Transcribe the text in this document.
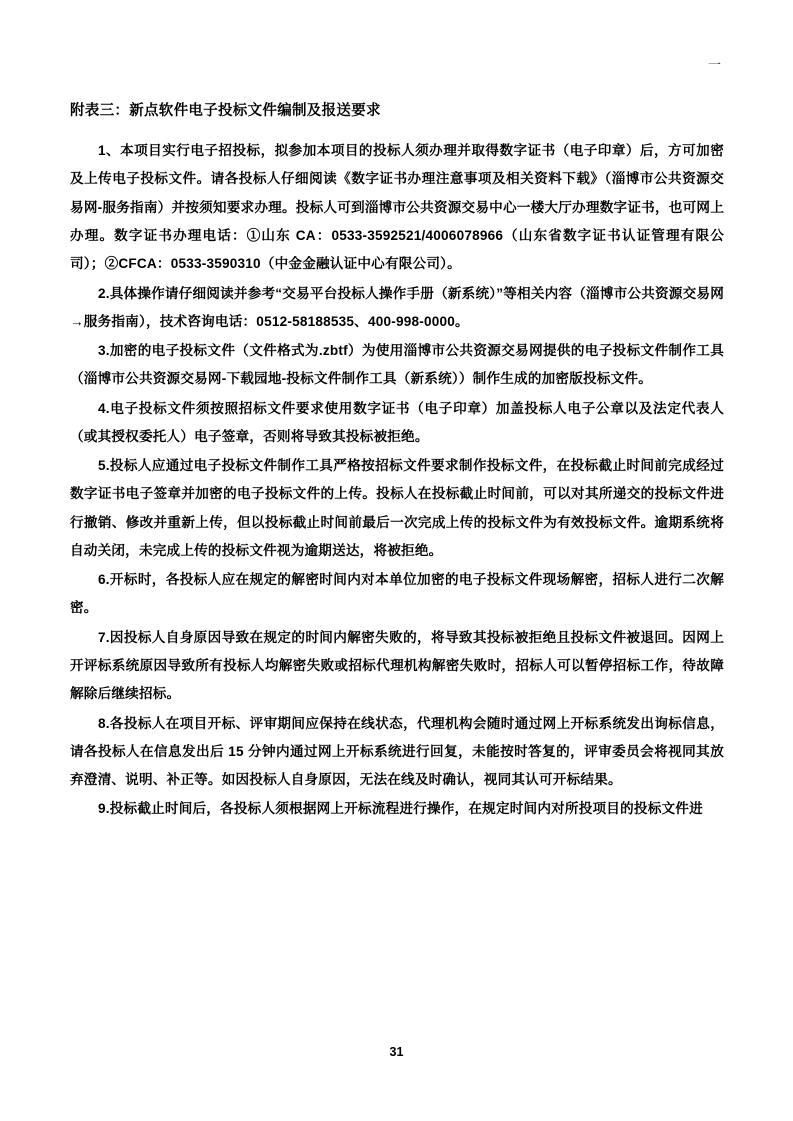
一
附表三：新点软件电子投标文件编制及报送要求

1、本项目实行电子招投标，拟参加本项目的投标人须办理并取得数字证书（电子印章）后，方可加密及上传电子投标文件。请各投标人仔细阅读《数字证书办理注意事项及相关资料下载》（淄博市公共资源交易网-服务指南）并按须知要求办理。投标人可到淄博市公共资源交易中心一楼大厅办理数字证书，也可网上办理。数字证书办理电话：①山东 CA：0533-3592521/4006078966（山东省数字证书认证管理有限公司）；②CFCA：0533-3590310（中金金融认证中心有限公司）。

2.具体操作请仔细阅读并参考“交易平台投标人操作手册（新系统）”等相关内容（淄博市公共资源交易网→服务指南），技术咨询电话：0512-58188535、400-998-0000。

3.加密的电子投标文件（文件格式为.zbtf）为使用淄博市公共资源交易网提供的电子投标文件制作工具（淄博市公共资源交易网-下载园地-投标文件制作工具（新系统））制作生成的加密版投标文件。

4.电子投标文件须按照招标文件要求使用数字证书（电子印章）加盖投标人电子公章以及法定代表人（或其授权委托人）电子签章，否则将导致其投标被拒绝。

5.投标人应通过电子投标文件制作工具严格按招标文件要求制作投标文件，在投标截止时间前完成经过数字证书电子签章并加密的电子投标文件的上传。投标人在投标截止时间前，可以对其所递交的投标文件进行撤销、修改并重新上传，但以投标截止时间前最后一次完成上传的投标文件为有效投标文件。逾期系统将自动关闭，未完成上传的投标文件视为逾期送达，将被拒绝。

6.开标时，各投标人应在规定的解密时间内对本单位加密的电子投标文件现场解密，招标人进行二次解密。

7.因投标人自身原因导致在规定的时间内解密失败的，将导致其投标被拒绝且投标文件被退回。因网上开评标系统原因导致所有投标人均解密失败或招标代理机构解密失败时，招标人可以暂停招标工作，待故障解除后继续招标。

8.各投标人在项目开标、评审期间应保持在线状态，代理机构会随时通过网上开标系统发出询标信息，请各投标人在信息发出后 15 分钟内通过网上开标系统进行回复，未能按时答复的，评审委员会将视同其放弃澄清、说明、补正等。如因投标人自身原因，无法在线及时确认，视同其认可开标结果。

9.投标截止时间后，各投标人须根据网上开标流程进行操作，在规定时间内对所投项目的投标文件进

31
